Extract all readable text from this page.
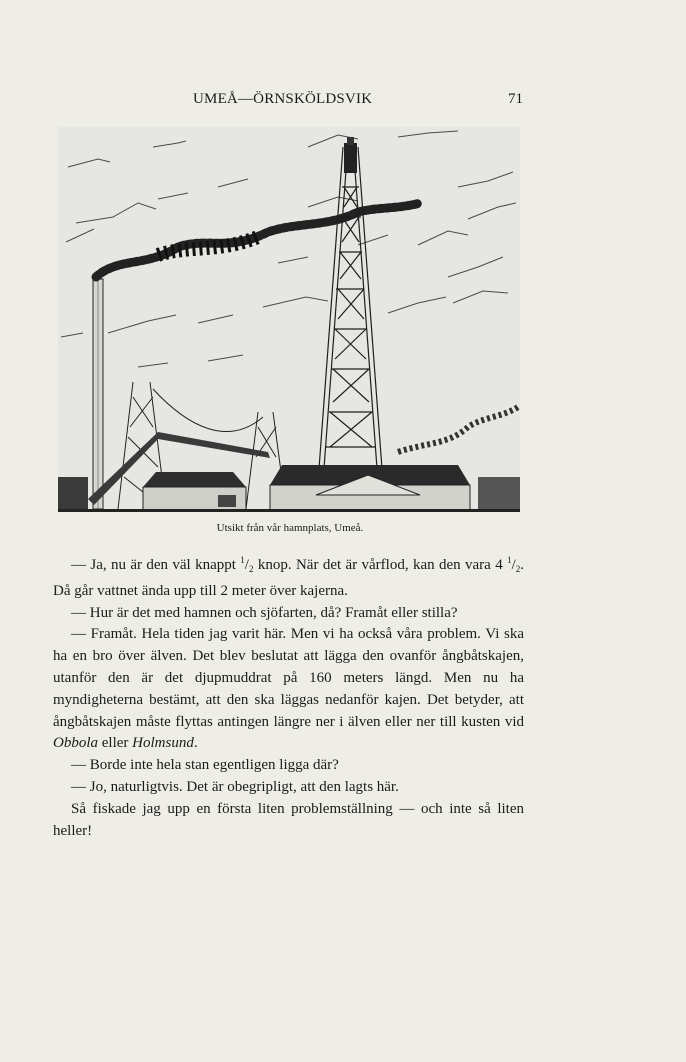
UMEÅ—ÖRNSKÖLDSVIK	71
Utsikt från vår hamnplats, Umeå.

— Ja, nu är den väl knappt $^1/_2$ knop. När det är vårflod, kan den vara 4 $^1/_2$. Då går vattnet ända upp till 2 meter över kajerna.

— Hur är det med hamnen och sjöfarten, då? Framåt eller stilla?

— Framåt. Hela tiden jag varit här. Men vi ha också våra problem. Vi ska ha en bro över älven. Det blev beslutat att lägga den ovanför ångbåtskajen, utanför den är det djupmuddrat på 160 meters längd. Men nu ha myndigheterna bestämt, att den ska läggas nedanför kajen. Det betyder, att ångbåtskajen måste flyttas antingen längre ner i älven eller ner till kusten vid Obbola eller Holmsund.

— Borde inte hela stan egentligen ligga där?

— Jo, naturligtvis. Det är obegripligt, att den lagts här.

Så fiskade jag upp en första liten problemställning — och inte så liten heller!
